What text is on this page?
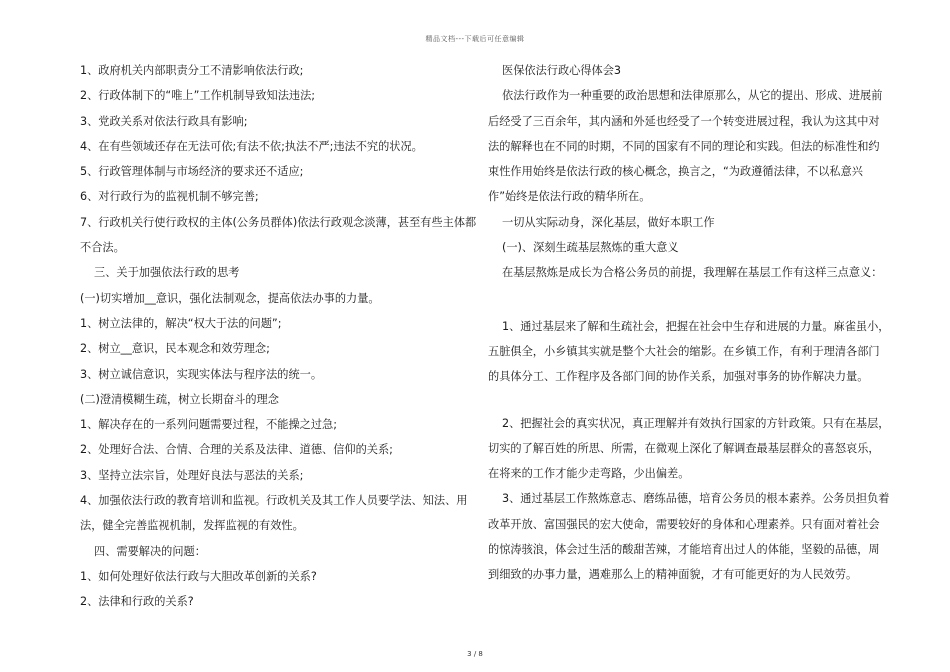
精品文档---下载后可任意编辑

1、政府机关内部职责分工不清影响依法行政;

2、行政体制下的“唯上”工作机制导致知法违法;

3、党政关系对依法行政具有影响;

4、在有些领域还存在无法可依;有法不依;执法不严;违法不究的状况。

5、行政管理体制与市场经济的要求还不适应;

6、对行政行为的监视机制不够完善;

7、行政机关行使行政权的主体(公务员群体)依法行政观念淡薄，甚至有些主体都不合法。

三、关于加强依法行政的思考

(一)切实增加__意识，强化法制观念，提高依法办事的力量。

1、树立法律的，解决“权大于法的问题”;

2、树立__意识，民本观念和效劳理念;

3、树立诚信意识，实现实体法与程序法的统一。

(二)澄清模糊生疏，树立长期奋斗的理念

1、解决存在的一系列问题需要过程，不能操之过急;

2、处理好合法、合情、合理的关系及法律、道德、信仰的关系;

3、坚持立法宗旨，处理好良法与恶法的关系;

4、加强依法行政的教育培训和监视。行政机关及其工作人员要学法、知法、用法，健全完善监视机制，发挥监视的有效性。

四、需要解决的问题：

1、如何处理好依法行政与大胆改革创新的关系?

2、法律和行政的关系?

医保依法行政心得体会3

依法行政作为一种重要的政治思想和法律原那么，从它的提出、形成、进展前后经受了三百余年，其内涵和外延也经受了一个转变进展过程，我认为这其中对法的解释也在不同的时期，不同的国家有不同的理论和实践。但法的标准性和约束性作用始终是依法行政的核心概念，换言之，“为政遵循法律，不以私意兴作”始终是依法行政的精华所在。

一切从实际动身，深化基层，做好本职工作

(一)、深刻生疏基层熬炼的重大意义

在基层熬炼是成长为合格公务员的前提，我理解在基层工作有这样三点意义：

1、通过基层来了解和生疏社会，把握在社会中生存和进展的力量。麻雀虽小，五脏俱全，小乡镇其实就是整个大社会的缩影。在乡镇工作，有利于理清各部门的具体分工、工作程序及各部门间的协作关系，加强对事务的协作解决力量。

2、把握社会的真实状况，真正理解并有效执行国家的方针政策。只有在基层，切实的了解百姓的所思、所需，在微观上深化了解调查最基层群众的喜怒哀乐，在将来的工作才能少走弯路，少出偏差。

3、通过基层工作熬炼意志、磨练品德，培育公务员的根本素养。公务员担负着改革开放、富国强民的宏大使命，需要较好的身体和心理素养。只有面对着社会的惊涛骇浪，体会过生活的酸甜苦辣，才能培育出过人的体能，坚毅的品德，周到细致的办事力量，遇难那么上的精神面貌，才有可能更好的为人民效劳。

3 / 8
